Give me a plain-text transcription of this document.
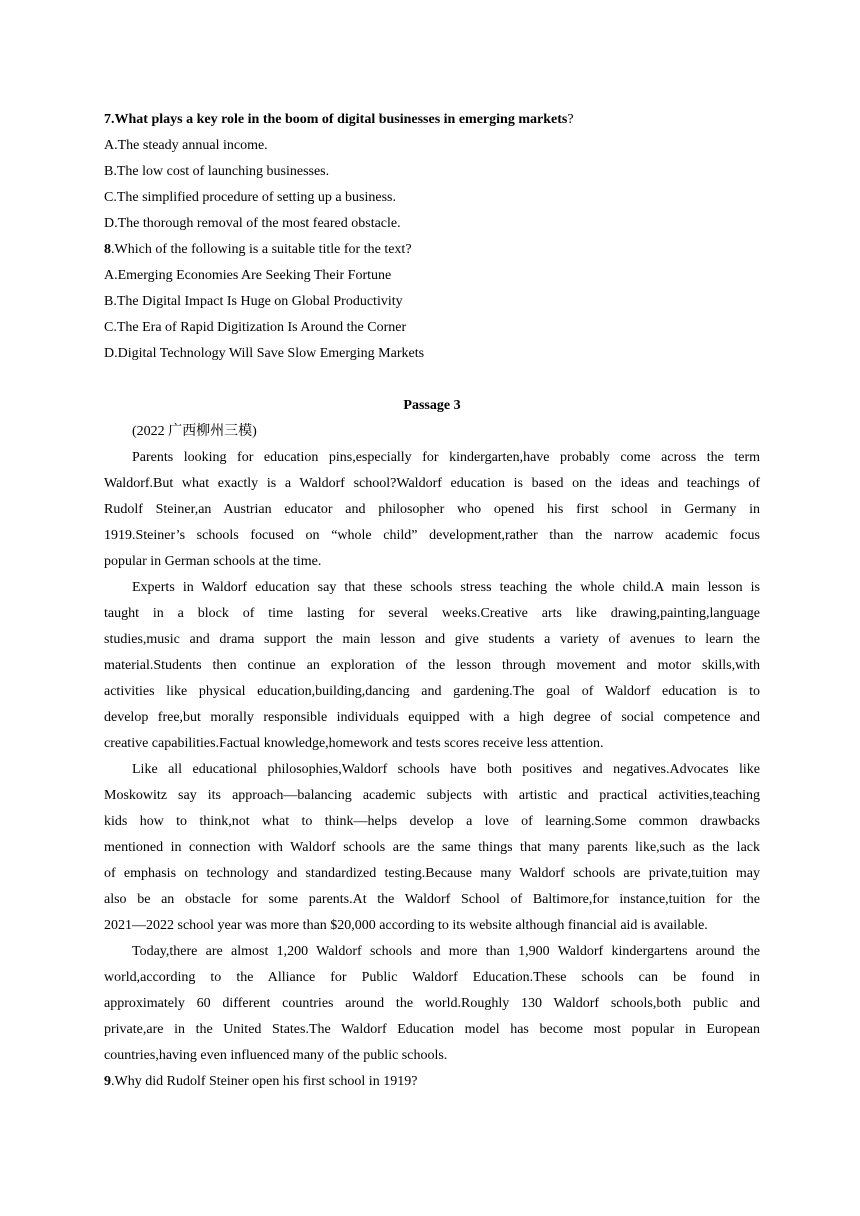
7.What plays a key role in the boom of digital businesses in emerging markets?
A.The steady annual income.
B.The low cost of launching businesses.
C.The simplified procedure of setting up a business.
D.The thorough removal of the most feared obstacle.
8.Which of the following is a suitable title for the text?
A.Emerging Economies Are Seeking Their Fortune
B.The Digital Impact Is Huge on Global Productivity
C.The Era of Rapid Digitization Is Around the Corner
D.Digital Technology Will Save Slow Emerging Markets
Passage 3
(2022 广西柳州三模)

Parents looking for education pins,especially for kindergarten,have probably come across the term

Waldorf.But what exactly is a Waldorf school?Waldorf education is based on the ideas and teachings of

Rudolf Steiner,an Austrian educator and philosopher who opened his first school in Germany in

1919.Steiner’s schools focused on “whole child” development,rather than the narrow academic focus

popular in German schools at the time.

Experts in Waldorf education say that these schools stress teaching the whole child.A main lesson is

taught in a block of time lasting for several weeks.Creative arts like drawing,painting,language

studies,music and drama support the main lesson and give students a variety of avenues to learn the

material.Students then continue an exploration of the lesson through movement and motor skills,with

activities like physical education,building,dancing and gardening.The goal of Waldorf education is to

develop free,but morally responsible individuals equipped with a high degree of social competence and

creative capabilities.Factual knowledge,homework and tests scores receive less attention.

Like all educational philosophies,Waldorf schools have both positives and negatives.Advocates like

Moskowitz say its approach—balancing academic subjects with artistic and practical activities,teaching

kids how to think,not what to think—helps develop a love of learning.Some common drawbacks

mentioned in connection with Waldorf schools are the same things that many parents like,such as the lack

of emphasis on technology and standardized testing.Because many Waldorf schools are private,tuition may

also be an obstacle for some parents.At the Waldorf School of Baltimore,for instance,tuition for the

2021—2022 school year was more than $20,000 according to its website although financial aid is available.

Today,there are almost 1,200 Waldorf schools and more than 1,900 Waldorf kindergartens around the

world,according to the Alliance for Public Waldorf Education.These schools can be found in

approximately 60 different countries around the world.Roughly 130 Waldorf schools,both public and

private,are in the United States.The Waldorf Education model has become most popular in European

countries,having even influenced many of the public schools.

9.Why did Rudolf Steiner open his first school in 1919?
